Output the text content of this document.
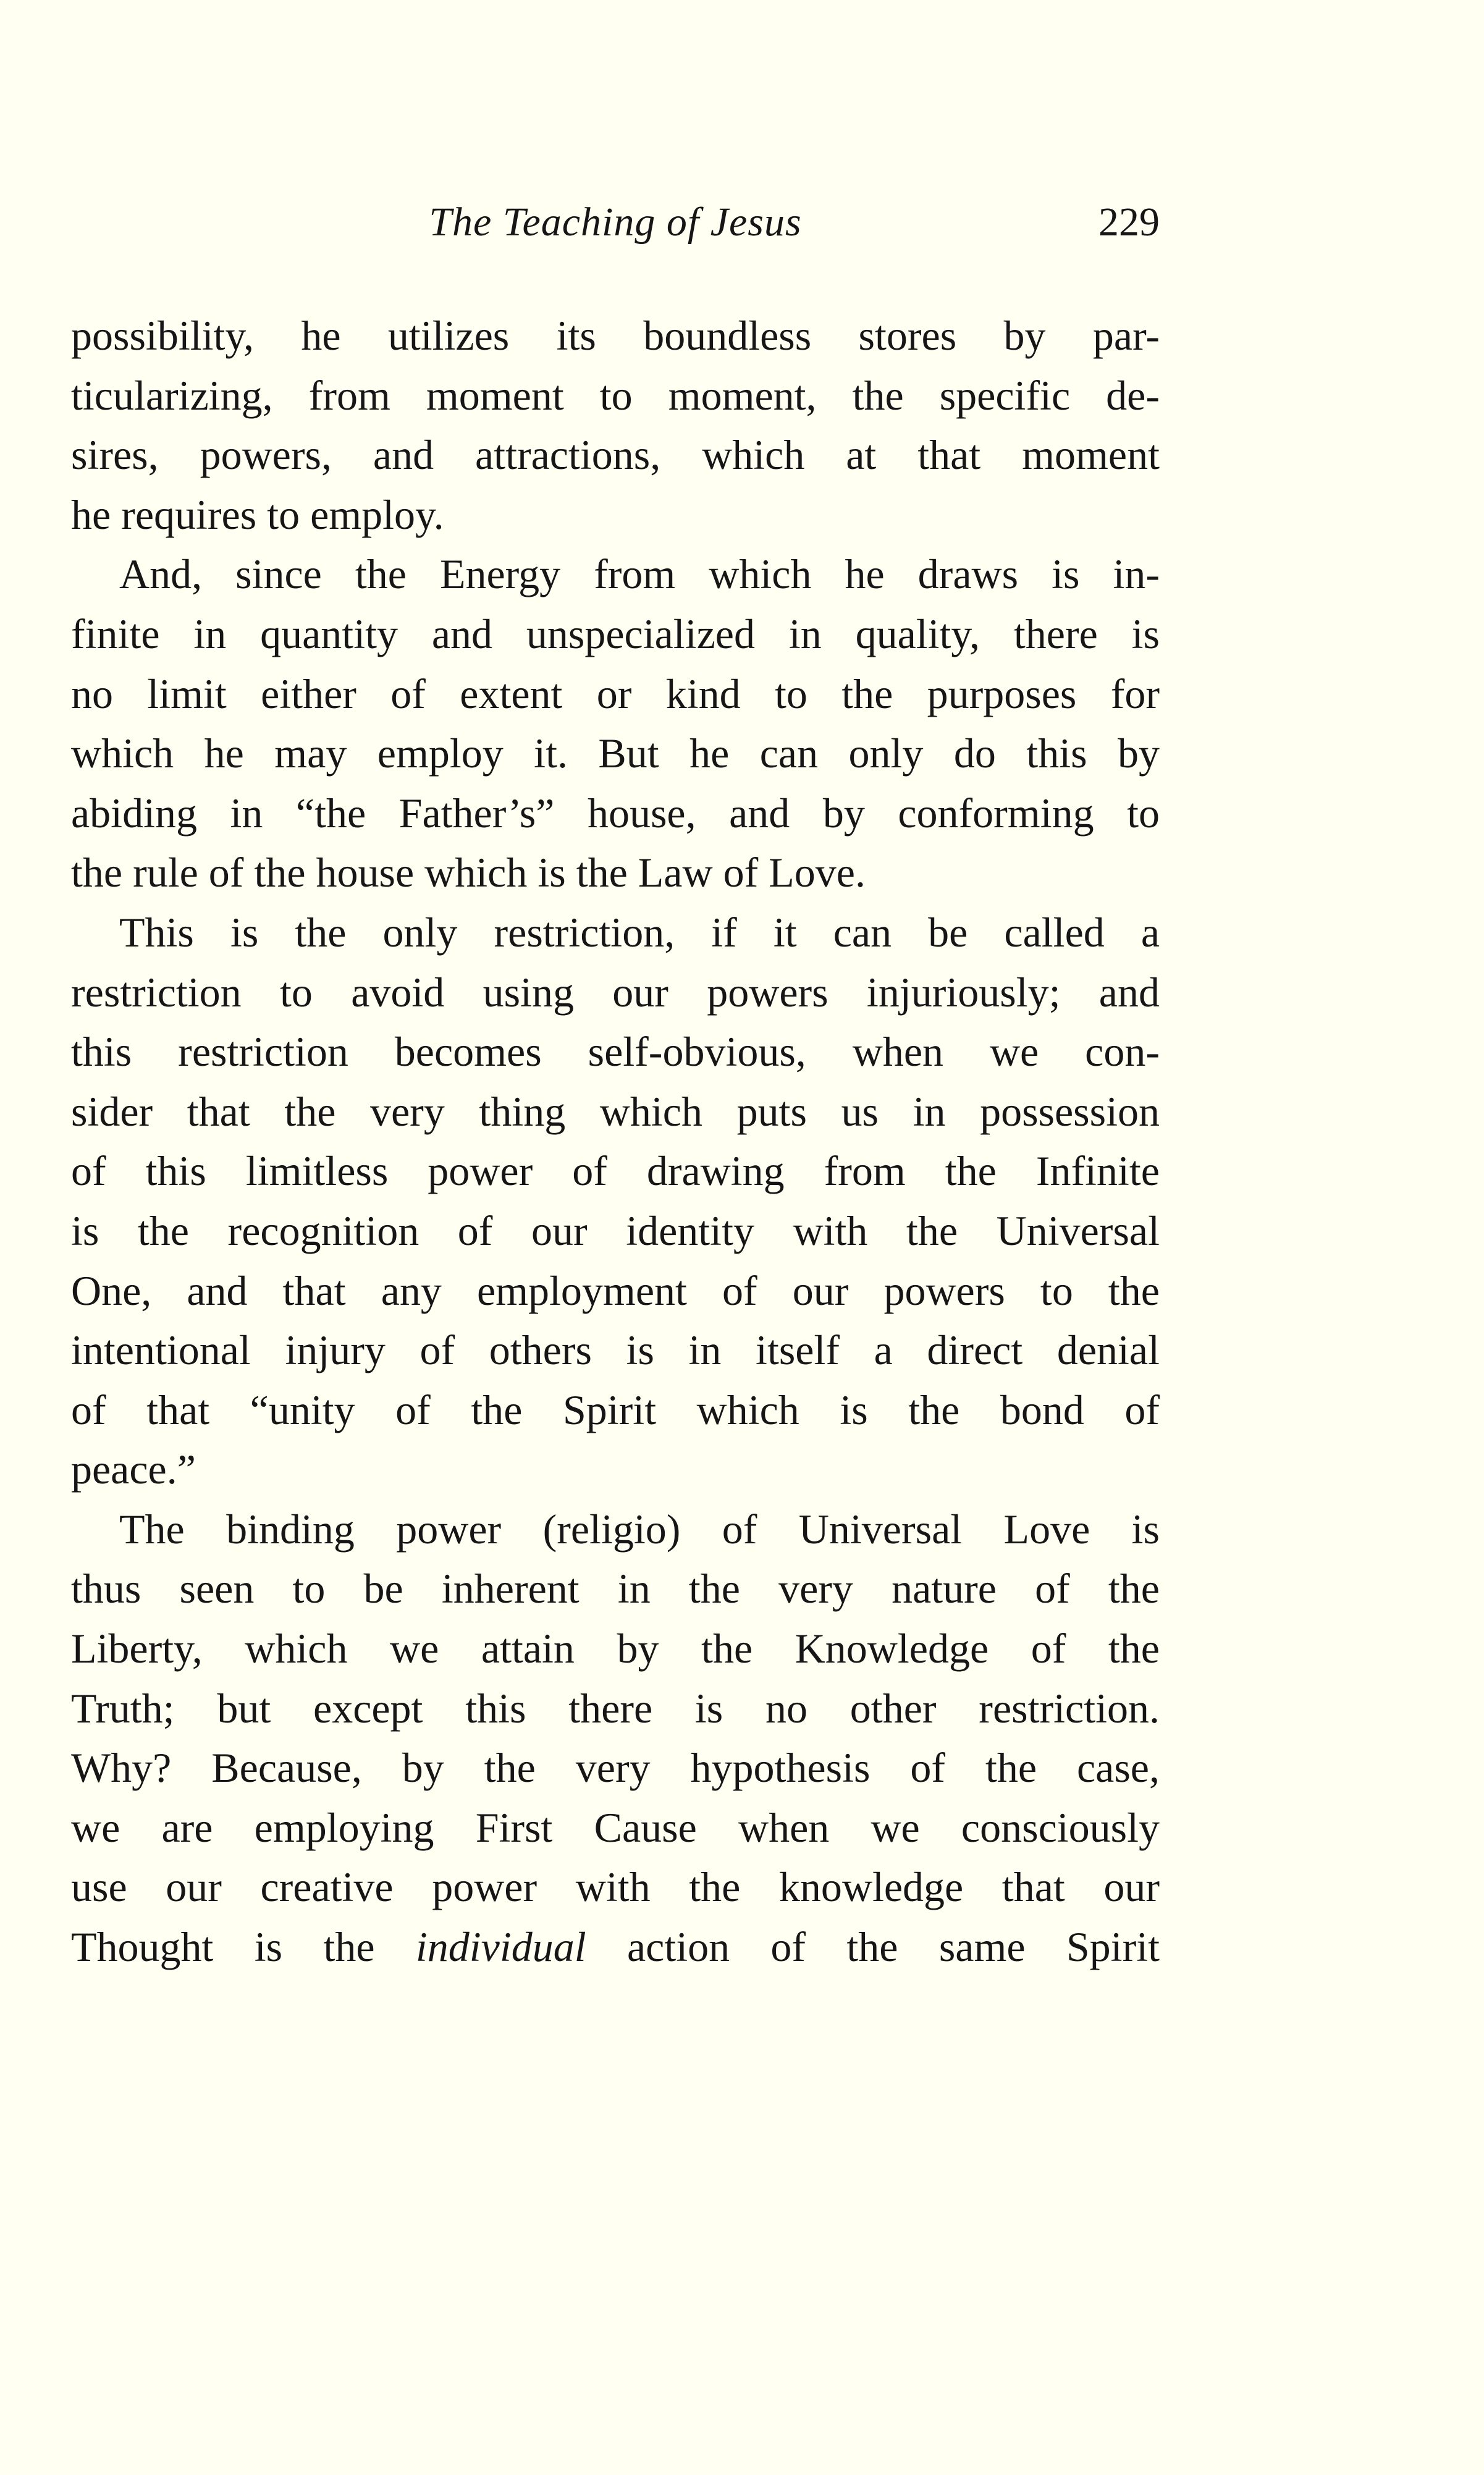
The Teaching of Jesus	229
possibility, he utilizes its boundless stores by par-
ticularizing, from moment to moment, the specific de-
sires, powers, and attractions, which at that moment
he requires to employ.
And, since the Energy from which he draws is in-
finite in quantity and unspecialized in quality, there is
no limit either of extent or kind to the purposes for
which he may employ it. But he can only do this by
abiding in “the Father’s” house, and by conforming to
the rule of the house which is the Law of Love.
This is the only restriction, if it can be called a
restriction to avoid using our powers injuriously; and
this restriction becomes self-obvious, when we con-
sider that the very thing which puts us in possession
of this limitless power of drawing from the Infinite
is the recognition of our identity with the Universal
One, and that any employment of our powers to the
intentional injury of others is in itself a direct denial
of that “unity of the Spirit which is the bond of
peace.”
The binding power (religio) of Universal Love is
thus seen to be inherent in the very nature of the
Liberty, which we attain by the Knowledge of the
Truth; but except this there is no other restriction.
Why? Because, by the very hypothesis of the case,
we are employing First Cause when we consciously
use our creative power with the knowledge that our
Thought is the individual action of the same Spirit
